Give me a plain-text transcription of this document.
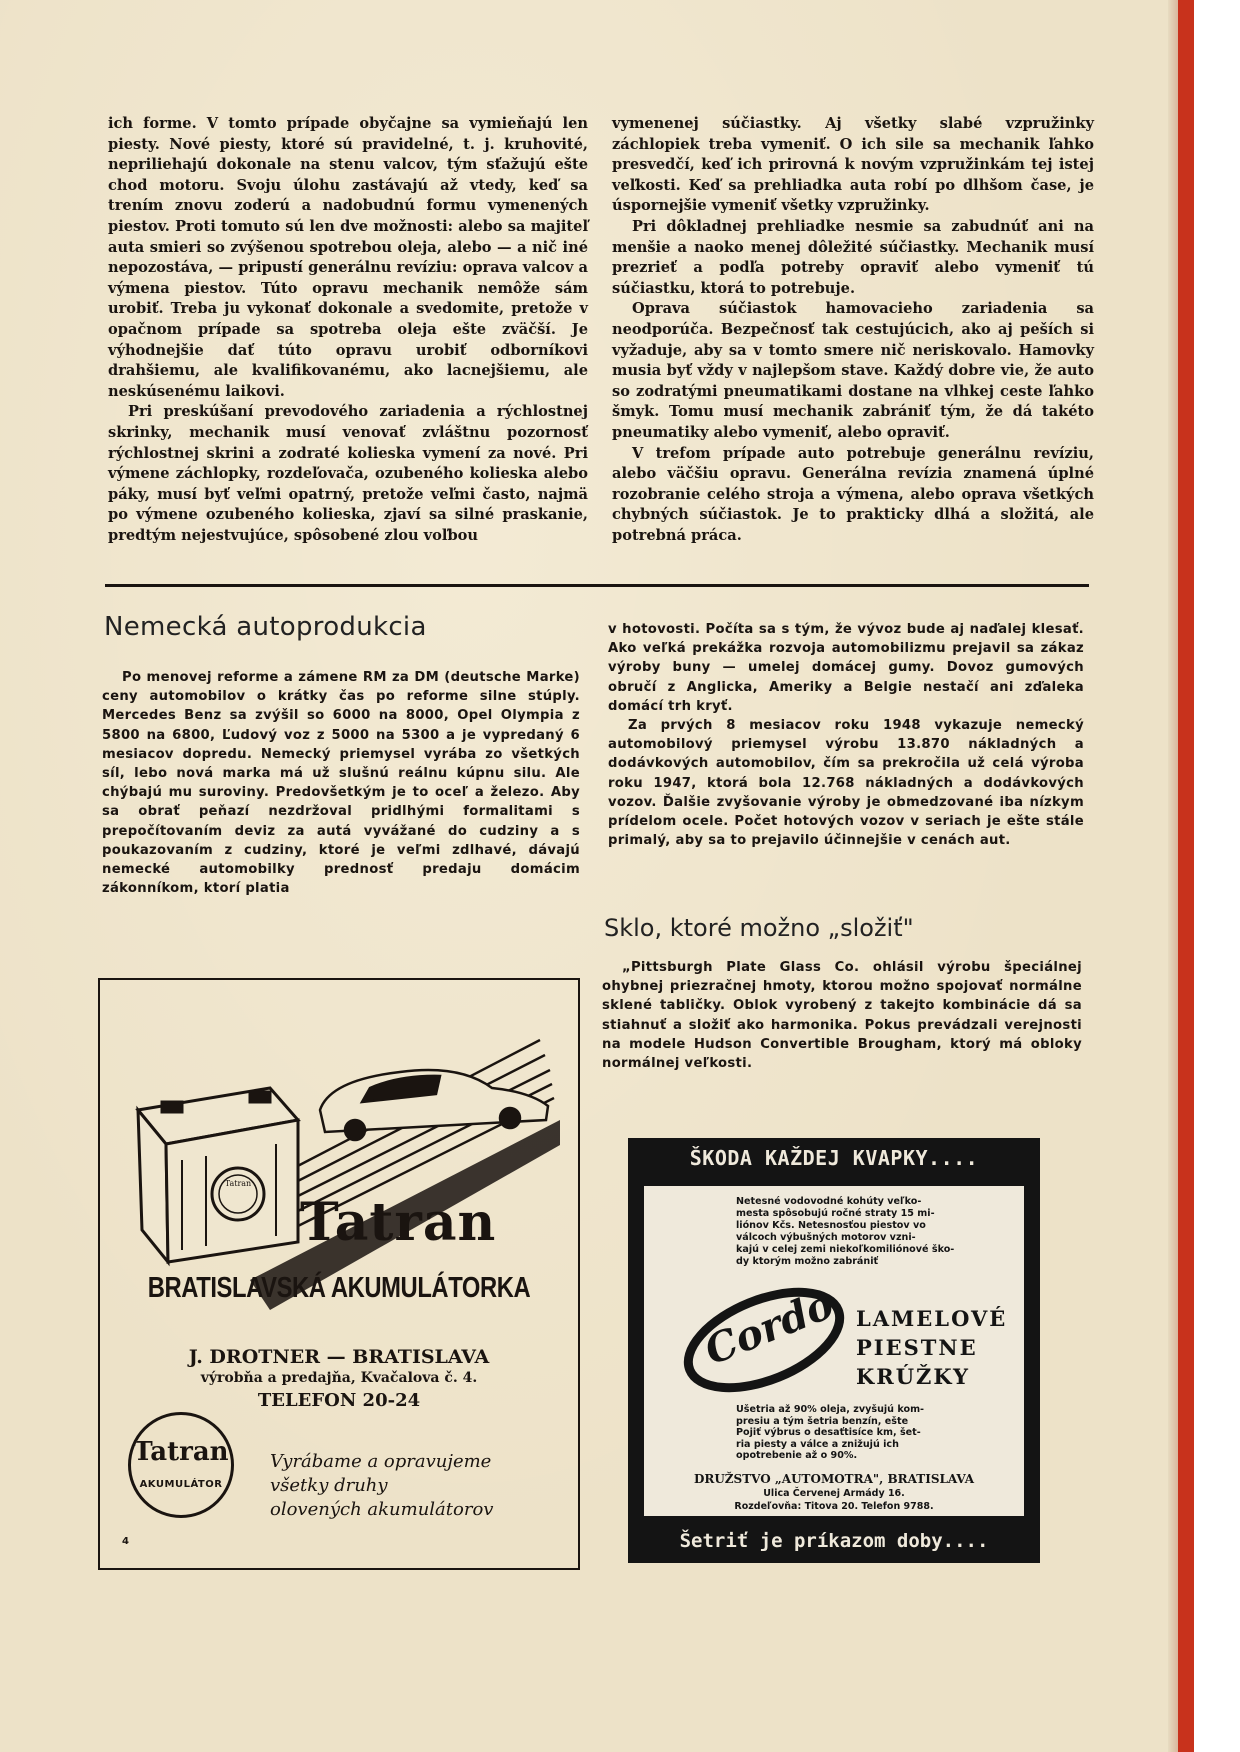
ich forme. V tomto prípade obyčajne sa vymieňajú len piesty. Nové piesty, ktoré sú pravidelné, t. j. kruhovité, nepriliehajú dokonale na stenu valcov, tým sťažujú ešte chod motoru. Svoju úlohu zastávajú až vtedy, keď sa trením znovu zoderú a nadobudnú formu vymenených piestov. Proti tomuto sú len dve možnosti: alebo sa majiteľ auta smieri so zvýšenou spotrebou oleja, alebo — a nič iné nepozostáva, — pripustí generálnu revíziu: oprava valcov a výmena piestov. Túto opravu mechanik nemôže sám urobiť. Treba ju vykonať dokonale a svedomite, pretože v opačnom prípade sa spotreba oleja ešte zväčší. Je výhodnejšie dať túto opravu urobiť odborníkovi drahšiemu, ale kvalifikovanému, ako lacnejšiemu, ale neskúsenému laikovi.

Pri preskúšaní prevodového zariadenia a rýchlostnej skrinky, mechanik musí venovať zvláštnu pozornosť rýchlostnej skrini a zodraté kolieska vymení za nové. Pri výmene záchlopky, rozdeľovača, ozubeného kolieska alebo páky, musí byť veľmi opatrný, pretože veľmi často, najmä po výmene ozubeného kolieska, zjaví sa silné praskanie, predtým nejestvujúce, spôsobené zlou voľbou

vymenenej súčiastky. Aj všetky slabé vzpružinky záchlopiek treba vymeniť. O ich sile sa mechanik ľahko presvedčí, keď ich prirovná k novým vzpružinkám tej istej veľkosti. Keď sa prehliadka auta robí po dlhšom čase, je úspornejšie vymeniť všetky vzpružinky.

Pri dôkladnej prehliadke nesmie sa zabudnúť ani na menšie a naoko menej dôležité súčiastky. Mechanik musí prezrieť a podľa potreby opraviť alebo vymeniť tú súčiastku, ktorá to potrebuje.

Oprava súčiastok hamovacieho zariadenia sa neodporúča. Bezpečnosť tak cestujúcich, ako aj peších si vyžaduje, aby sa v tomto smere nič neriskovalo. Hamovky musia byť vždy v najlepšom stave. Každý dobre vie, že auto so zodratými pneumatikami dostane na vlhkej ceste ľahko šmyk. Tomu musí mechanik zabrániť tým, že dá takéto pneumatiky alebo vymeniť, alebo opraviť.

V trefom prípade auto potrebuje generálnu revíziu, alebo väčšiu opravu. Generálna revízia znamená úplné rozobranie celého stroja a výmena, alebo oprava všetkých chybných súčiastok. Je to prakticky dlhá a složitá, ale potrebná práca.

Nemecká autoprodukcia

Po menovej reforme a zámene RM za DM (deutsche Marke) ceny automobilov o krátky čas po reforme silne stúply. Mercedes Benz sa zvýšil so 6000 na 8000, Opel Olympia z 5800 na 6800, Ľudový voz z 5000 na 5300 a je vypredaný 6 mesiacov dopredu. Nemecký priemysel vyrába zo všetkých síl, lebo nová marka má už slušnú reálnu kúpnu silu. Ale chýbajú mu suroviny. Predovšetkým je to oceľ a železo. Aby sa obrať peňazí nezdržoval pridlhými formalitami s prepočítovaním deviz za autá vyvážané do cudziny a s poukazovaním z cudziny, ktoré je veľmi zdlhavé, dávajú nemecké automobilky prednosť predaju domácim zákonníkom, ktorí platia

v hotovosti. Počíta sa s tým, že vývoz bude aj naďalej klesať. Ako veľká prekážka rozvoja automobilizmu prejavil sa zákaz výroby buny — umelej domácej gumy. Dovoz gumových obručí z Anglicka, Ameriky a Belgie nestačí ani zďaleka domácí trh kryť.

Za prvých 8 mesiacov roku 1948 vykazuje nemecký automobilový priemysel výrobu 13.870 nákladných a dodávkových automobilov, čím sa prekročila už celá výroba roku 1947, ktorá bola 12.768 nákladných a dodávkových vozov. Ďalšie zvyšovanie výroby je obmedzované iba nízkym prídelom ocele. Počet hotových vozov v seriach je ešte stále primalý, aby sa to prejavilo účinnejšie v cenách aut.

Sklo, ktoré možno „složiť"

„Pittsburgh Plate Glass Co. ohlásil výrobu špeciálnej ohybnej priezračnej hmoty, ktorou možno spojovať normálne sklené tabličky. Oblok vyrobený z takejto kombinácie dá sa stiahnuť a složiť ako harmonika. Pokus prevádzali verejnosti na modele Hudson Convertible Brougham, ktorý má obloky normálnej veľkosti.

Tatran
Tatran
BRATISLAVSKÁ AKUMULÁTORKA
J. DROTNER — BRATISLAVA
výrobňa a predajňa, Kvačalova č. 4.
TELEFON 20-24
Tatran
AKUMULÁTOR
Vyrábame a opravujeme
všetky druhy
olovených akumulátorov
4
ŠKODA KAŽDEJ KVAPKY....
Netesné vodovodné kohúty veľko-
mesta spôsobujú ročné straty 15 mi-
liónov Kčs. Netesnosťou piestov vo
válcoch výbušných motorov vzni-
kajú v celej zemi niekoľkomiliónové ško-
dy ktorým možno zabrániť
Cordo LAMELOVÉ
PIESTNE
KRÚŽKY
Ušetria až 90% oleja, zvyšujú kom-
presiu a tým šetria benzín, ešte
Pojiť výbrus o desaťtisíce km, šet-
ria piesty a válce a znižujú ich
opotrebenie až o 90%.
DRUŽSTVO „AUTOMOTRA", BRATISLAVA
Ulica Červenej Armády 16.
Rozdeľovňa: Titova 20. Telefon 9788.
Šetriť je príkazom doby....
